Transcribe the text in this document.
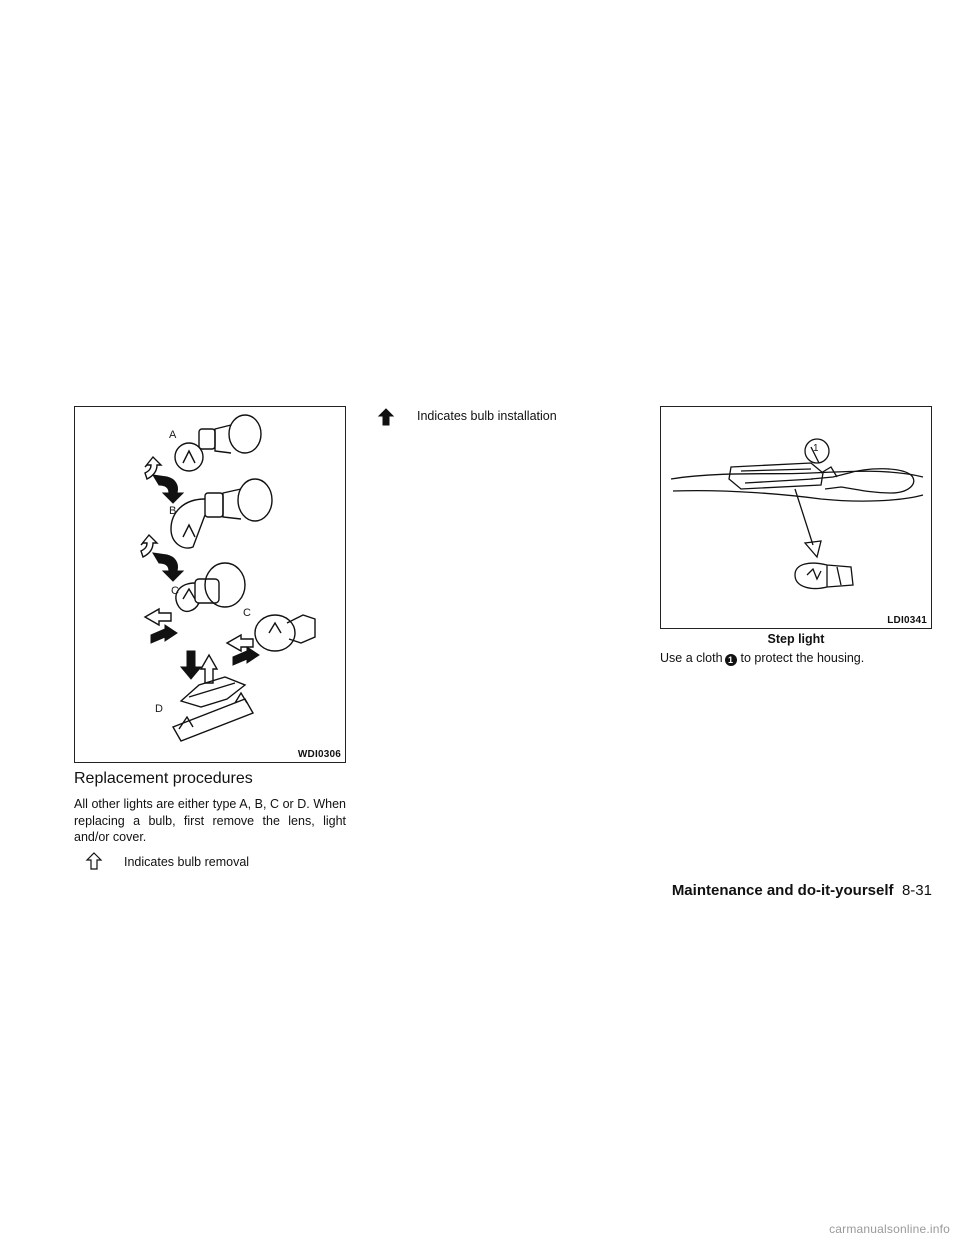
A
B
C
C
D
WDI0306
Replacement procedures
All other lights are either type A, B, C or D. When replacing a bulb, first remove the lens, light and/or cover.
Indicates bulb removal
Indicates bulb installation
1
LDI0341
Step light
Use a cloth 1 to protect the housing.
Maintenance and do-it-yourself 8-31
carmanualsonline.info
